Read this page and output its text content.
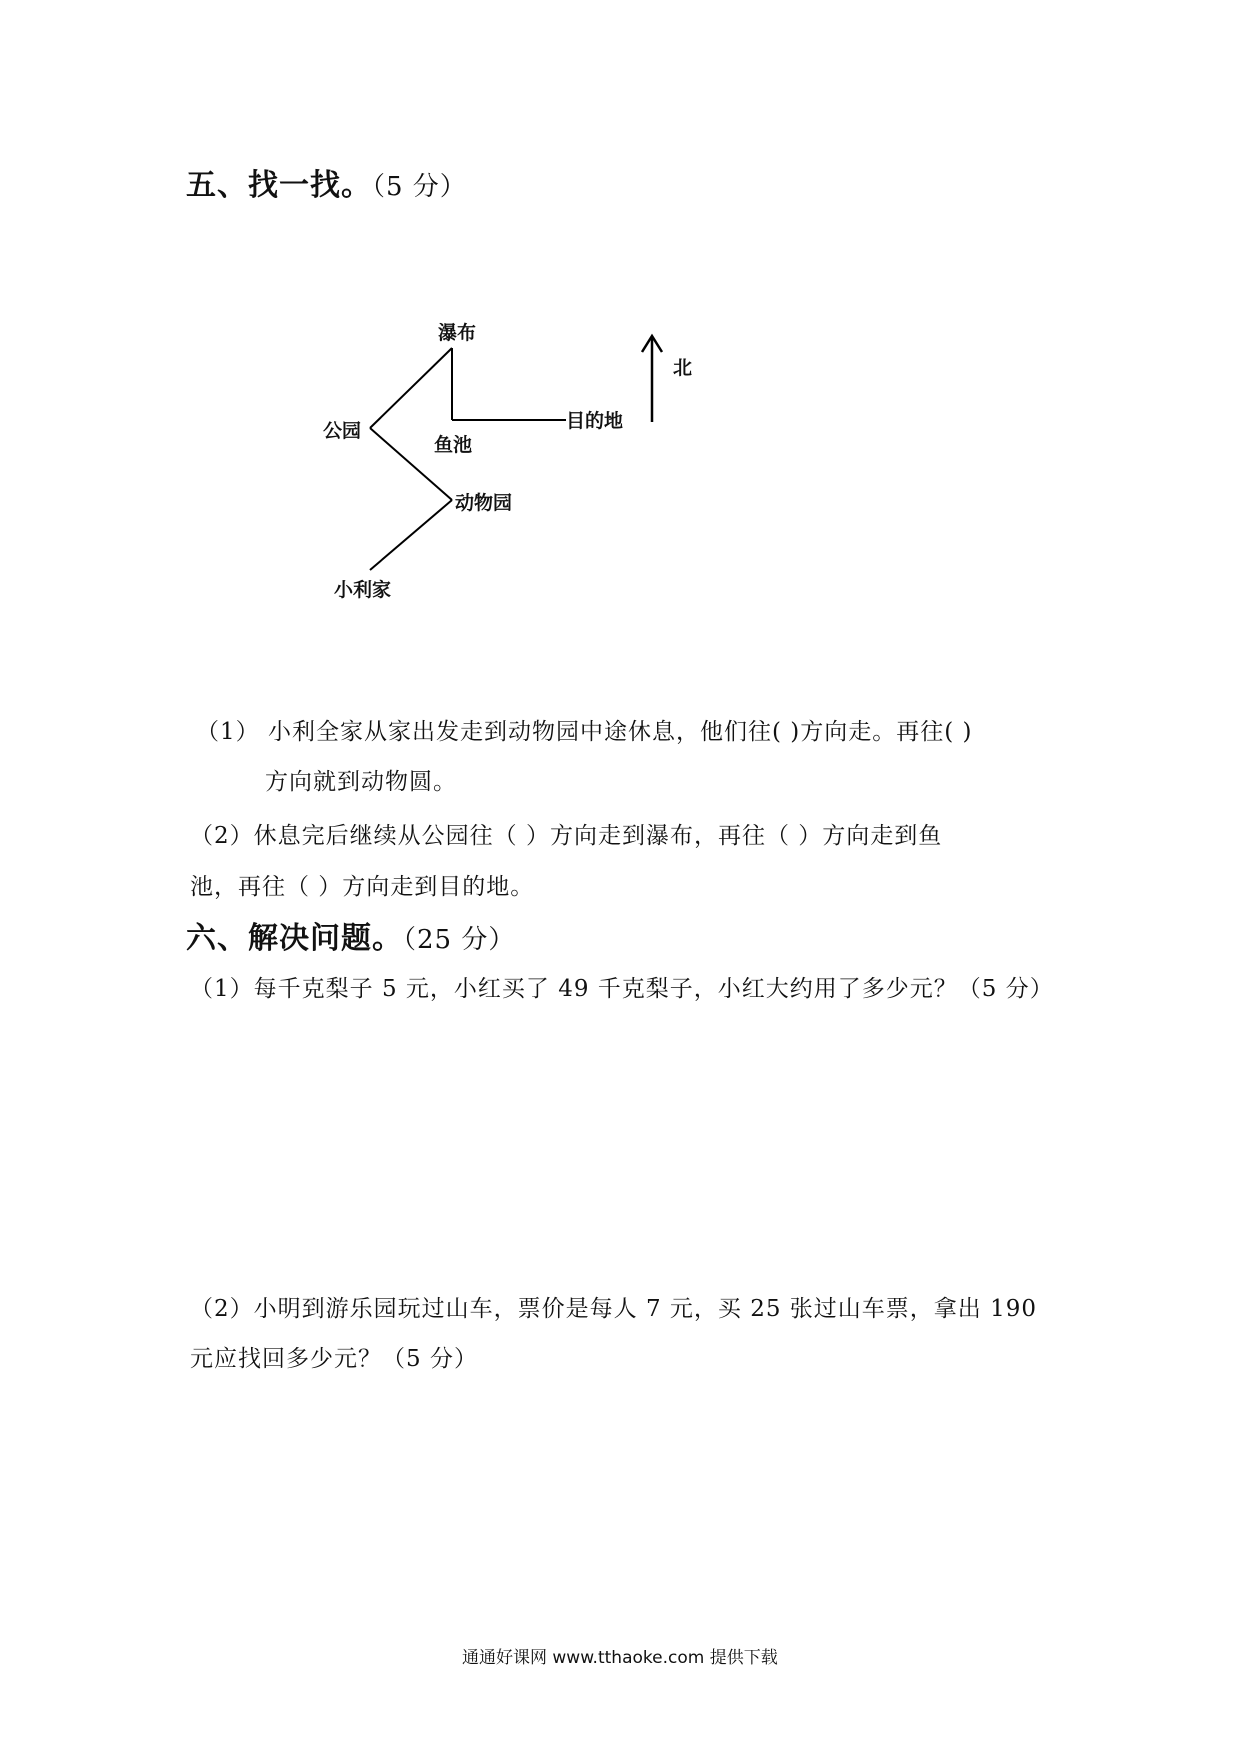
五、找一找。（5 分）
瀑布
公园
鱼池
目的地
动物园
小利家
北
（1） 小利全家从家出发走到动物园中途休息，他们往( )方向走。再往( )
方向就到动物圆。
（2）休息完后继续从公园往（ ）方向走到瀑布，再往（ ）方向走到鱼
池，再往（ ）方向走到目的地。
六、解决问题。（25 分）
（1）每千克梨子 5 元，小红买了 49 千克梨子，小红大约用了多少元？（5 分）
（2）小明到游乐园玩过山车，票价是每人 7 元，买 25 张过山车票，拿出 190
元应找回多少元？（5 分）
通通好课网 www.tthaoke.com 提供下载
